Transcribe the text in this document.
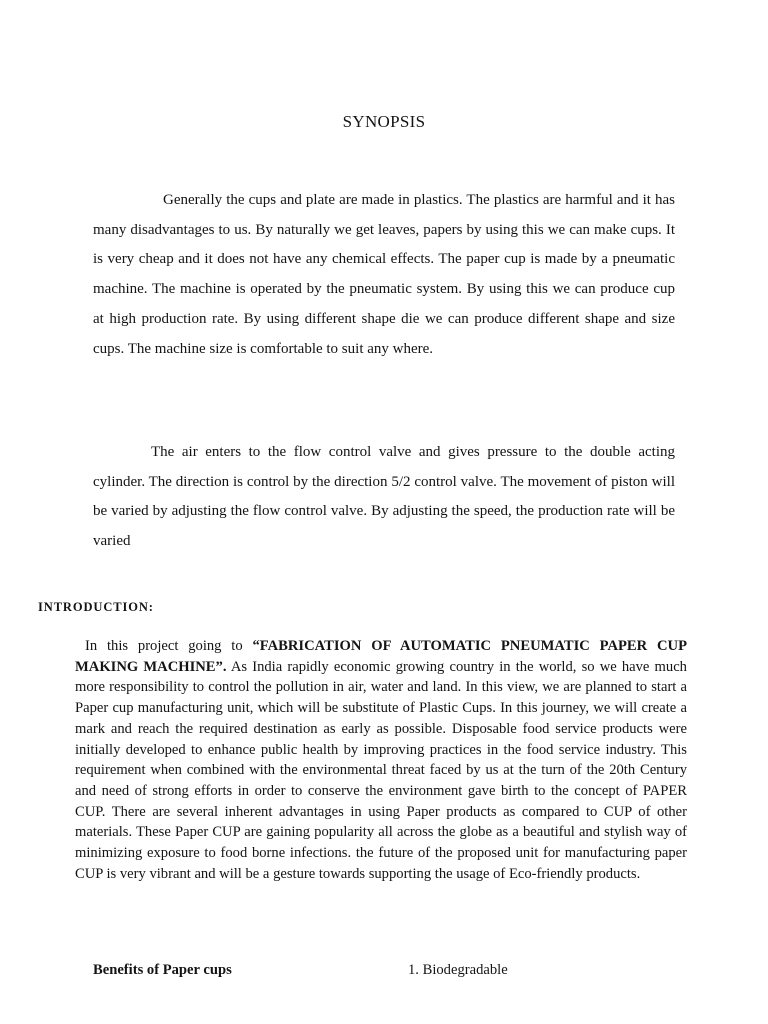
SYNOPSIS

Generally the cups and plate are made in plastics. The plastics are harmful and it has many disadvantages to us. By naturally we get leaves, papers by using this we can make cups. It is very cheap and it does not have any chemical effects. The paper cup is made by a pneumatic machine. The machine is operated by the pneumatic system. By using this we can produce cup at high production rate. By using different shape die we can produce different shape and size cups. The machine size is comfortable to suit any where.

The air enters to the flow control valve and gives pressure to the double acting cylinder. The direction is control by the direction 5/2 control valve. The movement of piston will be varied by adjusting the flow control valve. By adjusting the speed, the production rate will be varied

INTRODUCTION:

In this project going to “FABRICATION OF AUTOMATIC PNEUMATIC PAPER CUP MAKING MACHINE”. As India rapidly economic growing country in the world, so we have much more responsibility to control the pollution in air, water and land. In this view, we are planned to start a Paper cup manufacturing unit, which will be substitute of Plastic Cups. In this journey, we will create a mark and reach the required destination as early as possible. Disposable food service products were initially developed to enhance public health by improving practices in the food service industry. This requirement when combined with the environmental threat faced by us at the turn of the 20th Century and need of strong efforts in order to conserve the environment gave birth to the concept of PAPER CUP. There are several inherent advantages in using Paper products as compared to CUP of other materials. These Paper CUP are gaining popularity all across the globe as a beautiful and stylish way of minimizing exposure to food borne infections. the future of the proposed unit for manufacturing paper CUP is very vibrant and will be a gesture towards supporting the usage of Eco-friendly products.

Benefits of Paper cups	1. Biodegradable
